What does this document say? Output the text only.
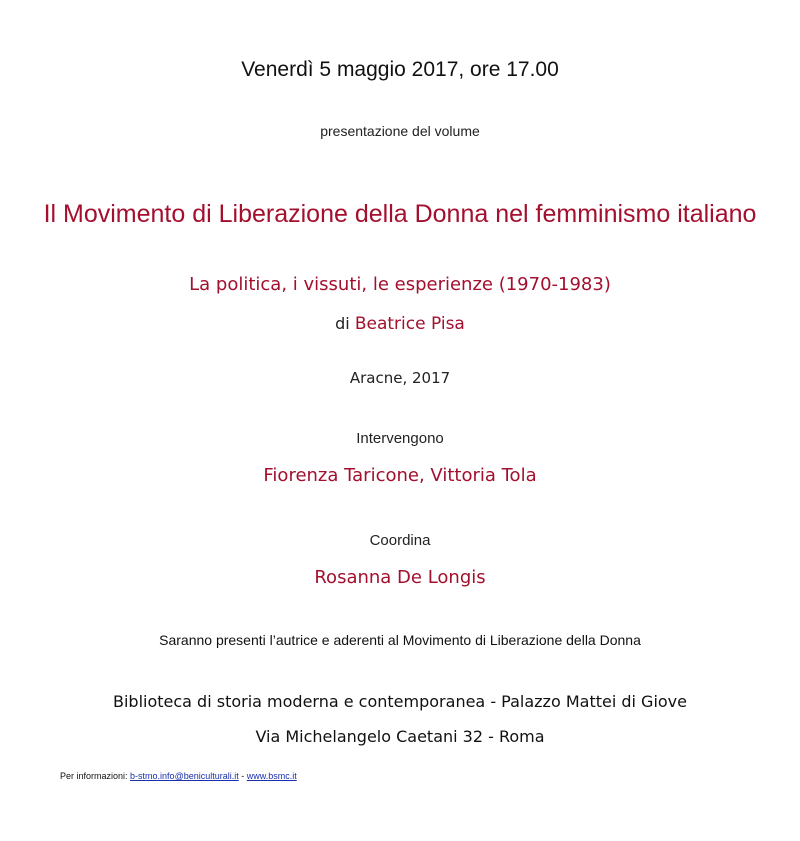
Venerdì 5 maggio 2017, ore 17.00
presentazione del volume
Il Movimento di Liberazione della Donna nel femminismo italiano
La politica, i vissuti, le esperienze (1970-1983)
di Beatrice Pisa
Aracne, 2017
Intervengono
Fiorenza Taricone, Vittoria Tola
Coordina
Rosanna De Longis
Saranno presenti l’autrice e aderenti al Movimento di Liberazione della Donna
Biblioteca di storia moderna e contemporanea - Palazzo Mattei di Giove
Via Michelangelo Caetani 32 - Roma
Per informazioni: b-stmo.info@beniculturali.it - www.bsmc.it
